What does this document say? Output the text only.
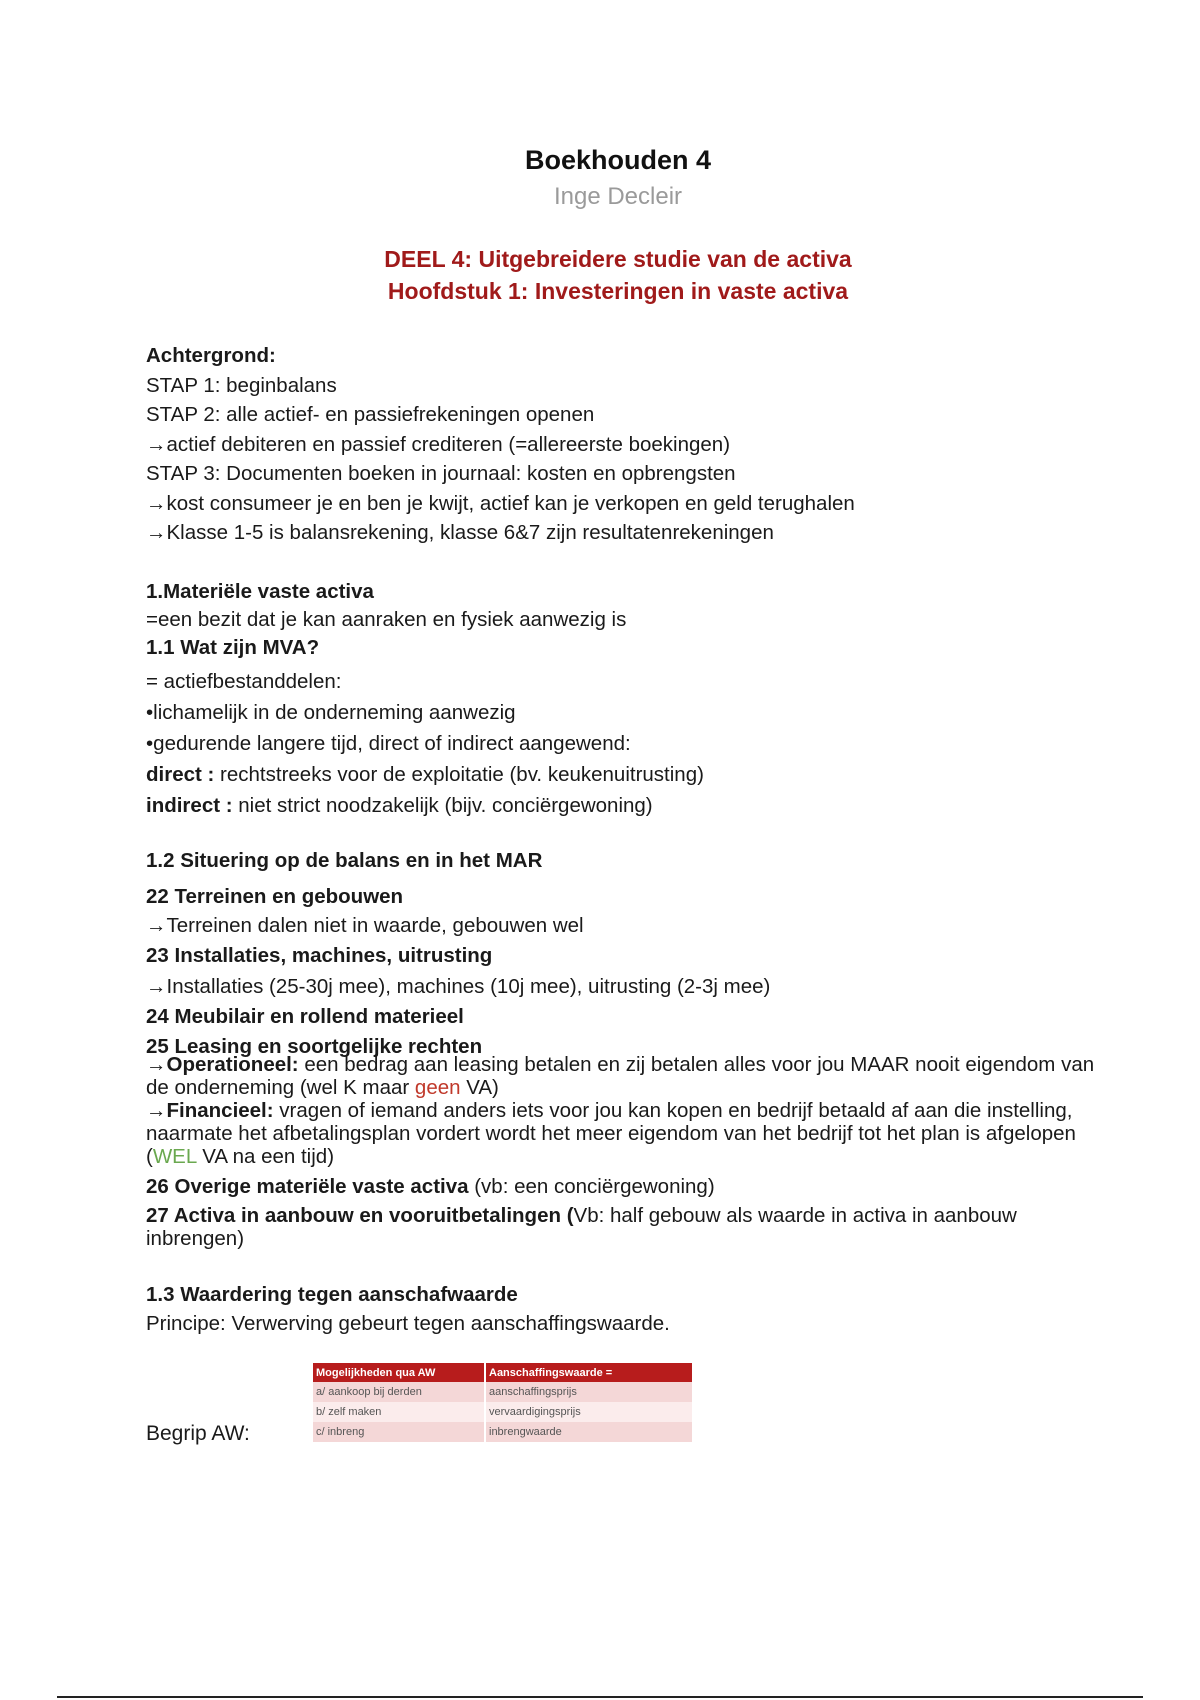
Boekhouden 4
Inge Decleir
DEEL 4: Uitgebreidere studie van de activa
Hoofdstuk 1: Investeringen in vaste activa
Achtergrond:
STAP 1: beginbalans
STAP 2: alle actief- en passiefrekeningen openen
→actief debiteren en passief crediteren (=allereerste boekingen)
STAP 3: Documenten boeken in journaal: kosten en opbrengsten
→kost consumeer je en ben je kwijt, actief kan je verkopen en geld terughalen
→Klasse 1-5 is balansrekening, klasse 6&7 zijn resultatenrekeningen
1.Materiële vaste activa
=een bezit dat je kan aanraken en fysiek aanwezig is
1.1 Wat zijn MVA?
= actiefbestanddelen:
•lichamelijk in de onderneming aanwezig
•gedurende langere tijd, direct of indirect aangewend:
direct : rechtstreeks voor de exploitatie (bv. keukenuitrusting)
indirect : niet strict noodzakelijk (bijv. conciërgewoning)
1.2 Situering op de balans en in het MAR
22 Terreinen en gebouwen
→Terreinen dalen niet in waarde, gebouwen wel
23 Installaties, machines, uitrusting
→Installaties (25-30j mee), machines (10j mee), uitrusting (2-3j mee)
24 Meubilair en rollend materieel
25 Leasing en soortgelijke rechten
→Operationeel: een bedrag aan leasing betalen en zij betalen alles voor jou MAAR nooit eigendom van de onderneming (wel K maar geen VA)
→Financieel: vragen of iemand anders iets voor jou kan kopen en bedrijf betaald af aan die instelling, naarmate het afbetalingsplan vordert wordt het meer eigendom van het bedrijf tot het plan is afgelopen (WEL VA na een tijd)
26 Overige materiële vaste activa (vb: een conciërgewoning)
27 Activa in aanbouw en vooruitbetalingen (Vb: half gebouw als waarde in activa in aanbouw inbrengen)
1.3 Waardering tegen aanschafwaarde
Principe: Verwerving gebeurt tegen aanschaffingswaarde.
Mogelijkheden qua AW	Aanschaffingswaarde =
a/ aankoop bij derden	aanschaffingsprijs
b/ zelf maken	vervaardigingsprijs
c/ inbreng	inbrengwaarde
Begrip AW:
